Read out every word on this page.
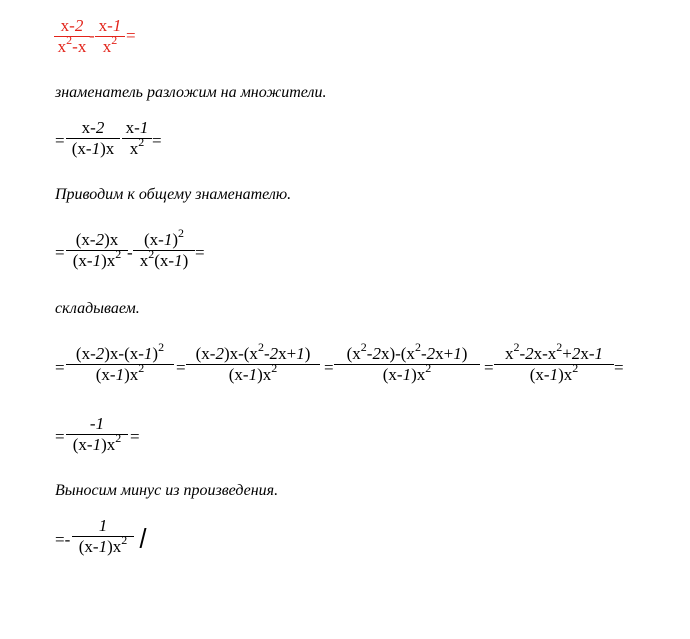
$\frac{x-2}{x^2-x} - \frac{x-1}{x^2}$ =
знаменатель разложим на множители.
= $\frac{x-2}{(x-1)x} \frac{x-1}{x^2}$ =
Приводим к общему знаменателю.
= $\frac{(x-2)x}{(x-1)x^2} - \frac{(x-1)^2}{x^2(x-1)}$ =
складываем.
= $\frac{(x-2)x-(x-1)^2}{(x-1)x^2} = \frac{(x-2)x-(x^2-2x+1)}{(x-1)x^2} = \frac{(x^2-2x)-(x^2-2x+1)}{(x-1)x^2} = \frac{x^2-2x-x^2+2x-1}{(x-1)x^2}$ =
= $\frac{-1}{(x-1)x^2}$ =
Выносим минус из произведения.
=- $\frac{1}{(x-1)x^2}$
